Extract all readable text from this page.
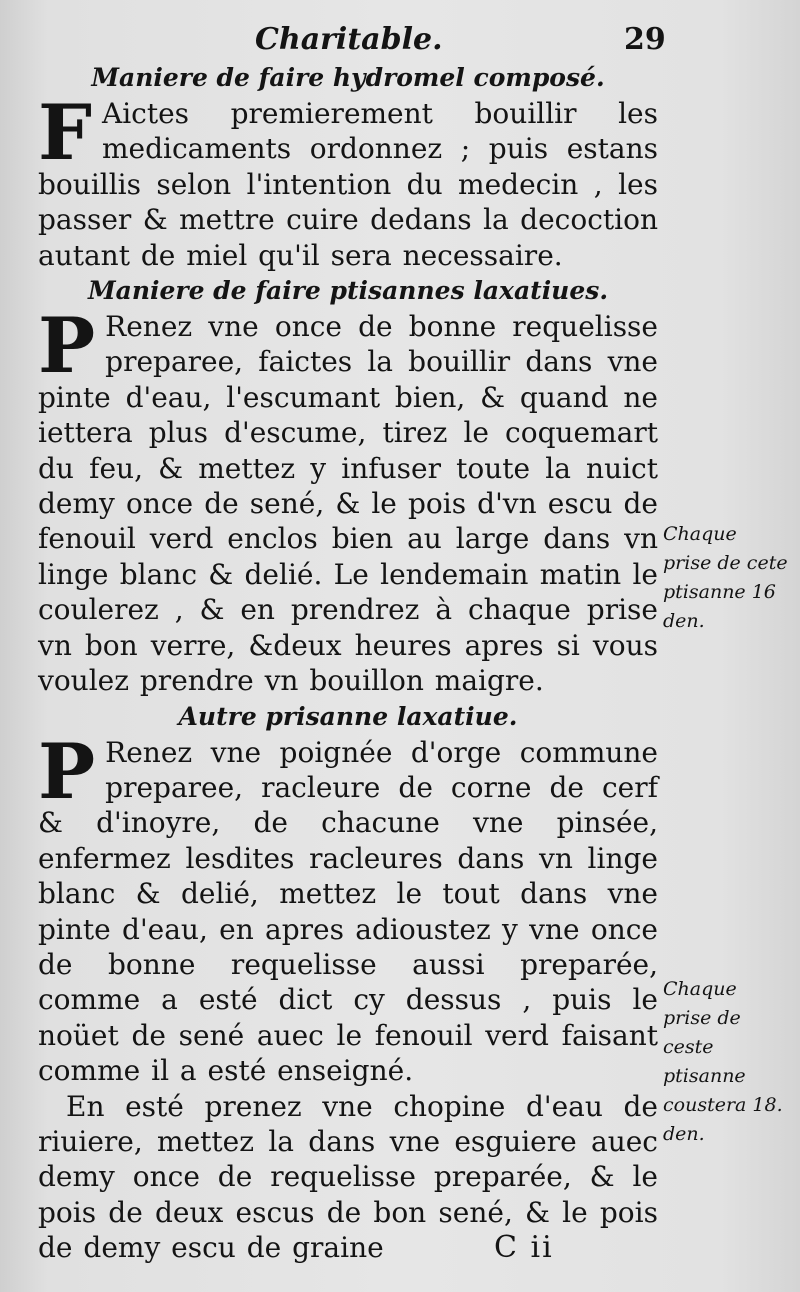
Charitable.	29
Maniere de faire hydromel composé.

F Aictes premierement bouillir les medicaments ordonnez ; puis estans bouillis selon l'intention du medecin , les passer & mettre cuire dedans la decoction autant de miel qu'il sera necessaire.

Maniere de faire ptisannes laxatiues.

P Renez vne once de bonne requelisse preparee, faictes la bouillir dans vne pinte d'eau, l'escumant bien, & quand ne iettera plus d'escume, tirez le coquemart du feu, & mettez y infuser toute la nuict demy once de sené, & le pois d'vn escu de fenouil verd enclos bien au large dans vn linge blanc & delié. Le lendemain matin le coulerez , & en prendrez à chaque prise vn bon verre, &deux heures apres si vous voulez prendre vn bouillon maigre.

Autre prisanne laxatiue.

P Renez vne poignée d'orge commune preparee, racleure de corne de cerf & d'inoyre, de chacune vne pinsée, enfermez lesdites racleures dans vn linge blanc & delié, mettez le tout dans vne pinte d'eau, en apres adioustez y vne once de bonne requelisse aussi preparée, comme a esté dict cy dessus , puis le noüet de sené auec le fenouil verd faisant comme il a esté enseigné.

En esté prenez vne chopine d'eau de riuiere, mettez la dans vne esguiere auec demy once de requelisse preparée, & le pois de deux escus de bon sené, & le pois de demy escu de graine

Chaque prise de cete ptisanne 16 den.
Chaque prise de ceste ptisanne coustera 18. den.
C ii
